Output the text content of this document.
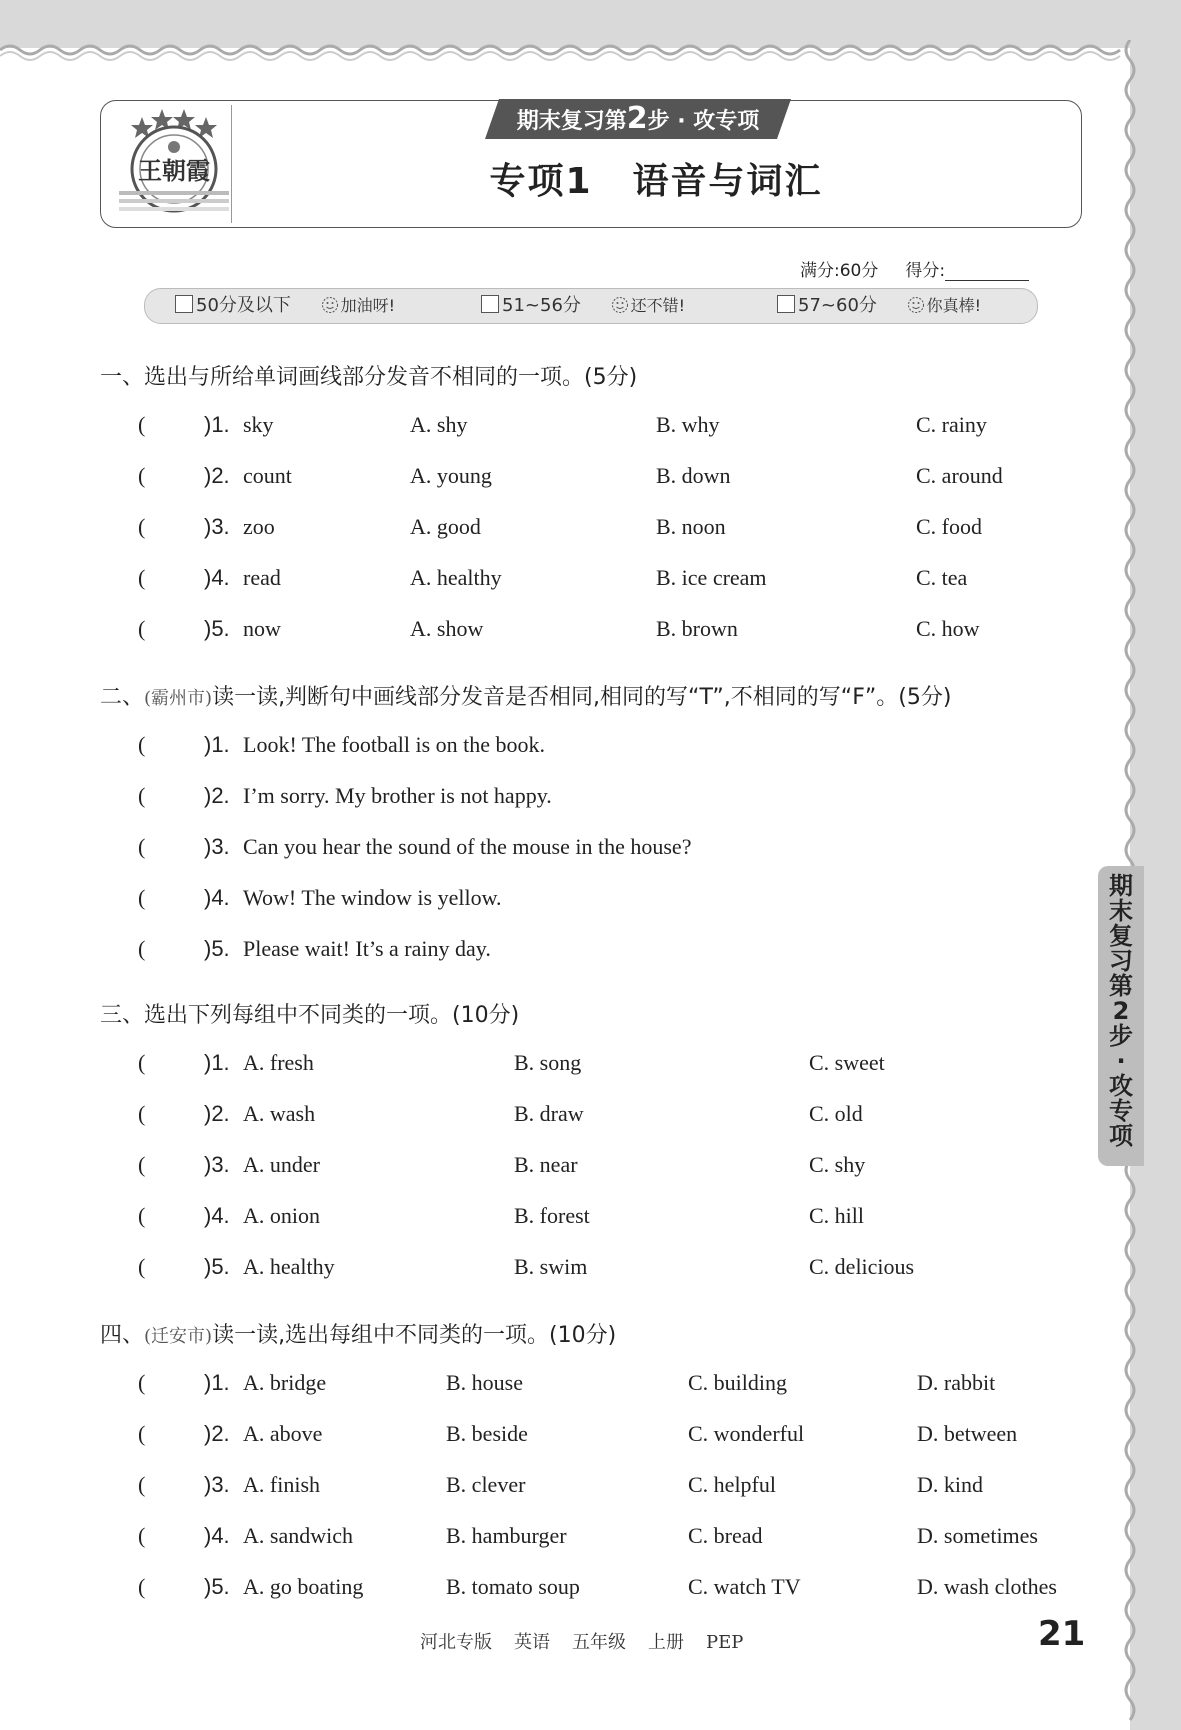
王朝霞
期末复习第2步 · 攻专项
专项1 语音与词汇
满分:60分 得分:
50分及以下	加油呀!	51~56分	还不错!	57~60分	你真棒!
一、选出与所给单词画线部分发音不相同的一项。(5分)
(	)1. sky	A. shy	B. why	C. rainy
(	)2. count	A. young	B. down	C. around
(	)3. zoo	A. good	B. noon	C. food
(	)4. read	A. healthy	B. ice cream	C. tea
(	)5. now	A. show	B. brown	C. how
二、(霸州市)读一读,判断句中画线部分发音是否相同,相同的写“T”,不相同的写“F”。(5分)
(	)1. Look! The football is on the book.
(	)2. I’m sorry. My brother is not happy.
(	)3. Can you hear the sound of the mouse in the house?
(	)4. Wow! The window is yellow.
(	)5. Please wait! It’s a rainy day.
三、选出下列每组中不同类的一项。(10分)
(	)1. A. fresh	B. song	C. sweet
(	)2. A. wash	B. draw	C. old
(	)3. A. under	B. near	C. shy
(	)4. A. onion	B. forest	C. hill
(	)5. A. healthy	B. swim	C. delicious
四、(迁安市)读一读,选出每组中不同类的一项。(10分)
(	)1. A. bridge	B. house	C. building	D. rabbit
(	)2. A. above	B. beside	C. wonderful	D. between
(	)3. A. finish	B. clever	C. helpful	D. kind
(	)4. A. sandwich	B. hamburger	C. bread	D. sometimes
(	)5. A. go boating	B. tomato soup	C. watch TV	D. wash clothes
河北专版 英语 五年级 上册 PEP	21
期
末
复
习
第
2
步
·
攻
专
项
